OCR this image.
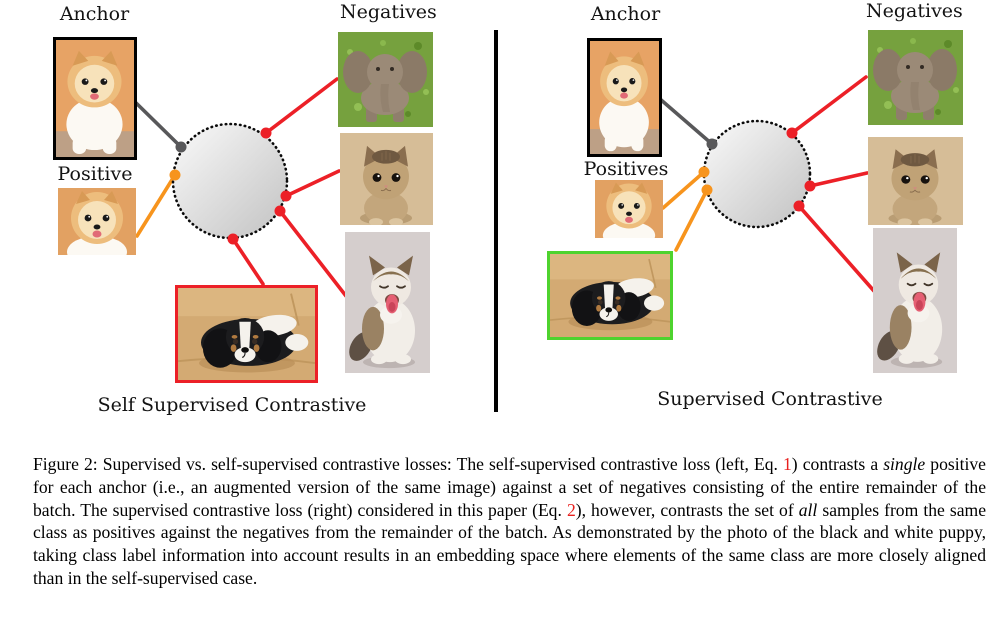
Anchor
Positive
Negatives
Self Supervised Contrastive
Anchor
Positives
Negatives
Supervised Contrastive
Figure 2: Supervised vs. self-supervised contrastive losses: The self-supervised contrastive loss (left, Eq. 1) contrasts a single positive for each anchor (i.e., an augmented version of the same image) against a set of negatives consisting of the entire remainder of the batch. The supervised contrastive loss (right) considered in this paper (Eq. 2), however, contrasts the set of all samples from the same class as positives against the negatives from the remainder of the batch. As demonstrated by the photo of the black and white puppy, taking class label information into account results in an embedding space where elements of the same class are more closely aligned than in the self-supervised case.
